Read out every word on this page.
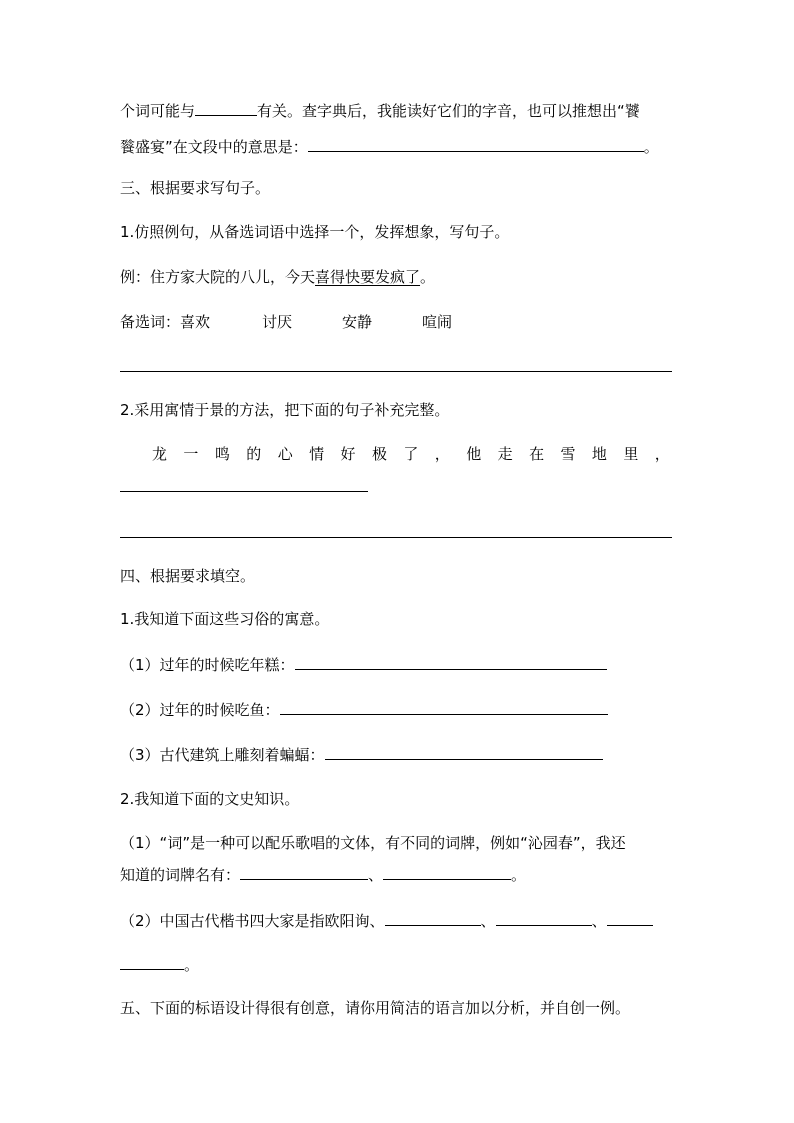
个词可能与	有关。查字典后，我能读好它们的字音，也可以推想出“饕
餮盛宴”在文段中的意思是：	。
三、根据要求写句子。
1.仿照例句，从备选词语中选择一个，发挥想象，写句子。
例：住方家大院的八儿，今天喜得快要发疯了。
备选词：喜欢	讨厌	安静	喧闹
2.采用寓情于景的方法，把下面的句子补充完整。
龙 一 鸣 的 心 情 好 极 了 ， 他 走 在 雪 地 里 ，
四、根据要求填空。
1.我知道下面这些习俗的寓意。
（1）过年的时候吃年糕：
（2）过年的时候吃鱼：
（3）古代建筑上雕刻着蝙蝠：
2.我知道下面的文史知识。
（1）“词”是一种可以配乐歌唱的文体，有不同的词牌，例如“沁园春”，我还
知道的词牌名有：	、	。
（2）中国古代楷书四大家是指欧阳询、	、	、
。
五、下面的标语设计得很有创意，请你用简洁的语言加以分析，并自创一例。
